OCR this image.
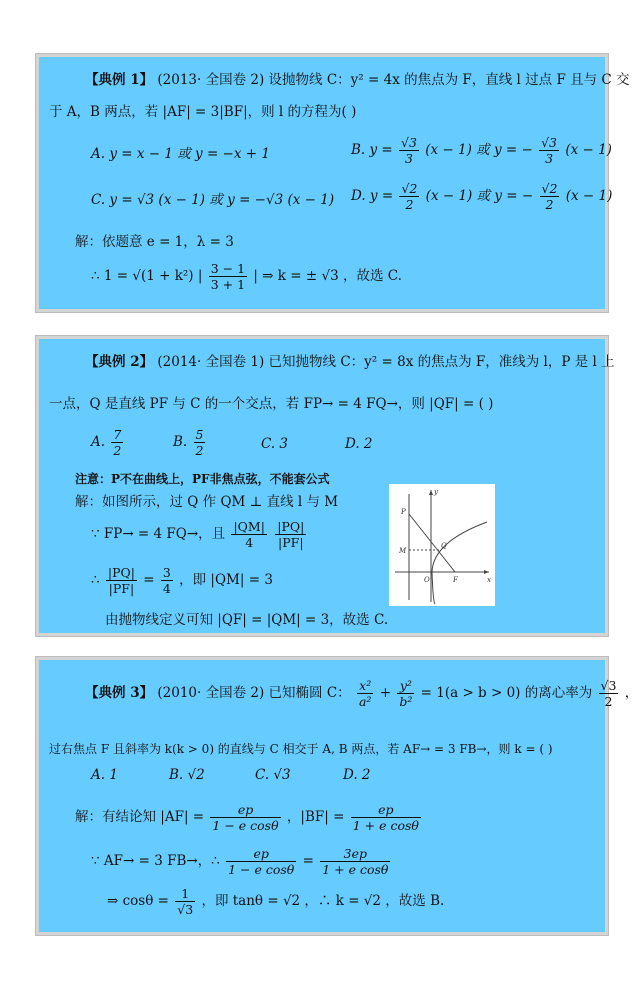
【典例 1】 (2013· 全国卷 2) 设抛物线 C：y² = 4x 的焦点为 F，直线 l 过点 F 且与 C 交
于 A，B 两点，若 |AF| = 3|BF|，则 l 的方程为( )
A. y = x − 1 或 y = −x + 1	B. $y = \frac{√3}{3} (x - 1)$ 或 y = − $\frac{√3}{3} (x - 1)$
C. y = √3 (x − 1) 或 y = −√3 (x − 1) D. $y = \frac{√2}{2} (x - 1)$ 或 y = − $\frac{√2}{2} (x - 1)$
解：依题意 e = 1，λ = 3
∴ 1 = √(1 + k²) | $\frac{3 - 1}{3 + 1}$ | ⇒ k = ± √3 ，故选 C.
【典例 2】 (2014· 全国卷 1) 已知抛物线 C：y² = 8x 的焦点为 F，准线为 l，P 是 l 上
一点，Q 是直线 PF 与 C 的一个交点，若 FP→ = 4 FQ→，则 |QF| = ( )
A. $\frac{7}{2}$	B. $\frac{5}{2}$	C. 3	D. 2
注意：P不在曲线上，PF非焦点弦，不能套公式
解：如图所示，过 Q 作 QM ⊥ 直线 l 与 M
∵ FP→ = 4 FQ→，且 $\frac{|QM|}{4}$
$\frac{|PQ|}{|PF|}$
∴ $\frac{|PQ|}{|PF|} = \frac{3}{4}$ ，即 |QM| = 3
由抛物线定义可知 |QF| = |QM| = 3，故选 C.
y
x
P
M
Q
O	F
【典例 3】 (2010· 全国卷 2) 已知椭圆 C： $\frac{\text{x²}}{\text{a²}} + \frac{\text{y²}}{\text{b²}} = 1(a > b > 0)$ 的离心率为 $\frac{√3}{2}$ ，
过右焦点 F 且斜率为 k(k > 0) 的直线与 C 相交于 A, B 两点，若 AF→ = 3 FB→，则 k = ( )
A. 1	B. √2	C. √3	D. 2
解：有结论知 $|AF| = \frac{ep}{\text{1 − e cosθ}}$ ，$|BF| = \frac{ep}{\text{1 + e cosθ}}$
∵ AF→ = 3 FB→，∴ $\frac{ep}{\text{1 − e cosθ}} = \frac{3ep}{\text{1 + e cosθ}}$
⇒ $\cos\theta = \frac{1}{√3}$ ，即 tanθ = √2 ，∴ k = √2 ，故选 B.
